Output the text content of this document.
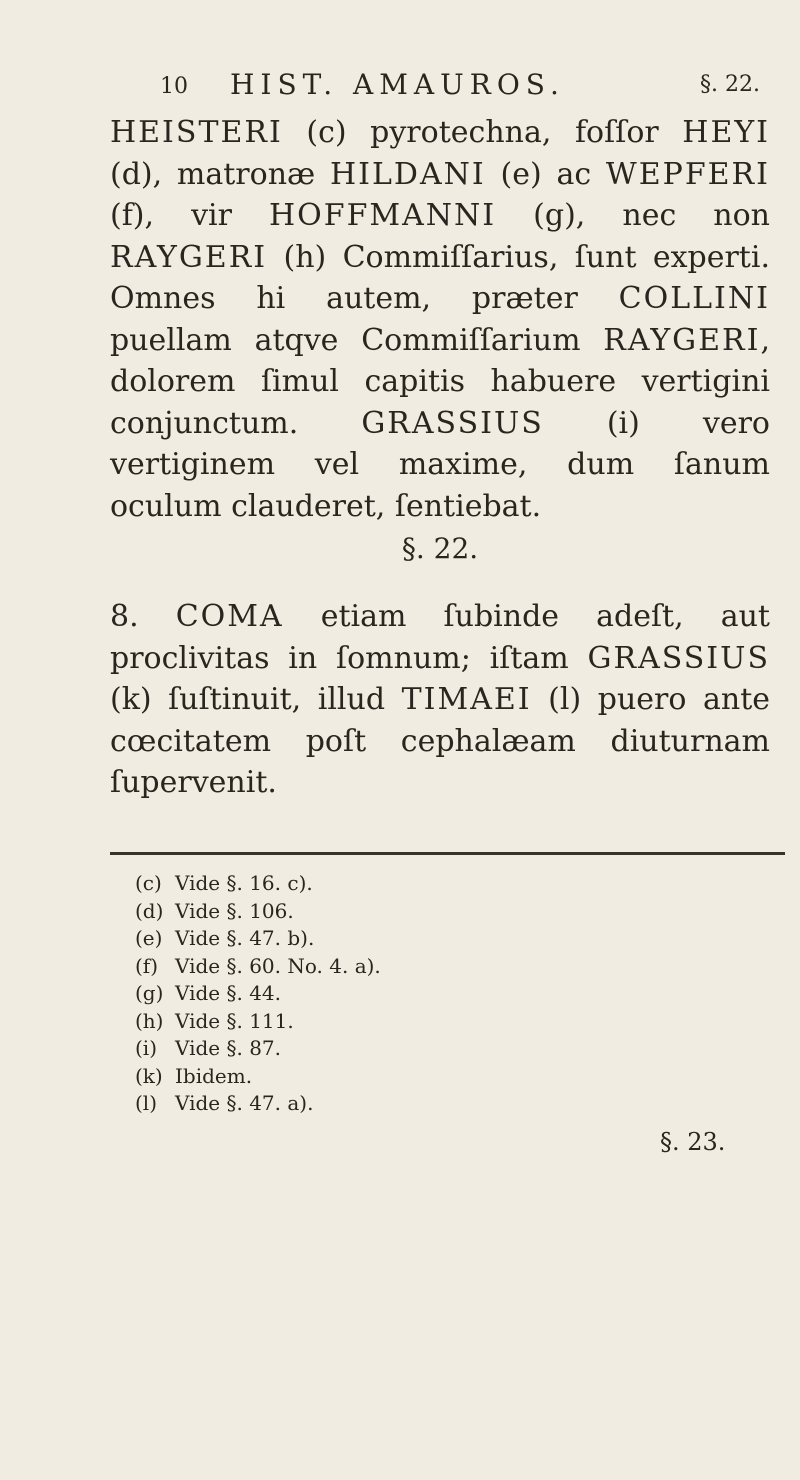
10 HIST. AMAUROS.	§. 22.

HEISTERI (c) pyrotechna, foſſor HEYI (d), matronæ HILDANI (e) ac WEPFERI (f), vir HOFFMANNI (g), nec non RAYGERI (h) Commiſſarius, ſunt experti. Omnes hi autem, præter COLLINI puellam atqve Commiſſarium RAYGERI, dolorem ſimul capitis habuere vertigini conjunctum. GRASSIUS (i) vero vertiginem vel maxime, dum ſanum oculum clauderet, ſentiebat.

§. 22.

8. COMA etiam ſubinde adeſt, aut proclivitas in ſomnum; iſtam GRASSIUS (k) ſuſtinuit, illud TIMAEI (l) puero ante cœcitatem poſt cephalæam diuturnam ſupervenit.

(c) Vide §. 16. c).
(d) Vide §. 106.
(e) Vide §. 47. b).
(f) Vide §. 60. No. 4. a).
(g) Vide §. 44.
(h) Vide §. 111.
(i) Vide §. 87.
(k) Ibidem.
(l) Vide §. 47. a).
§. 23.
